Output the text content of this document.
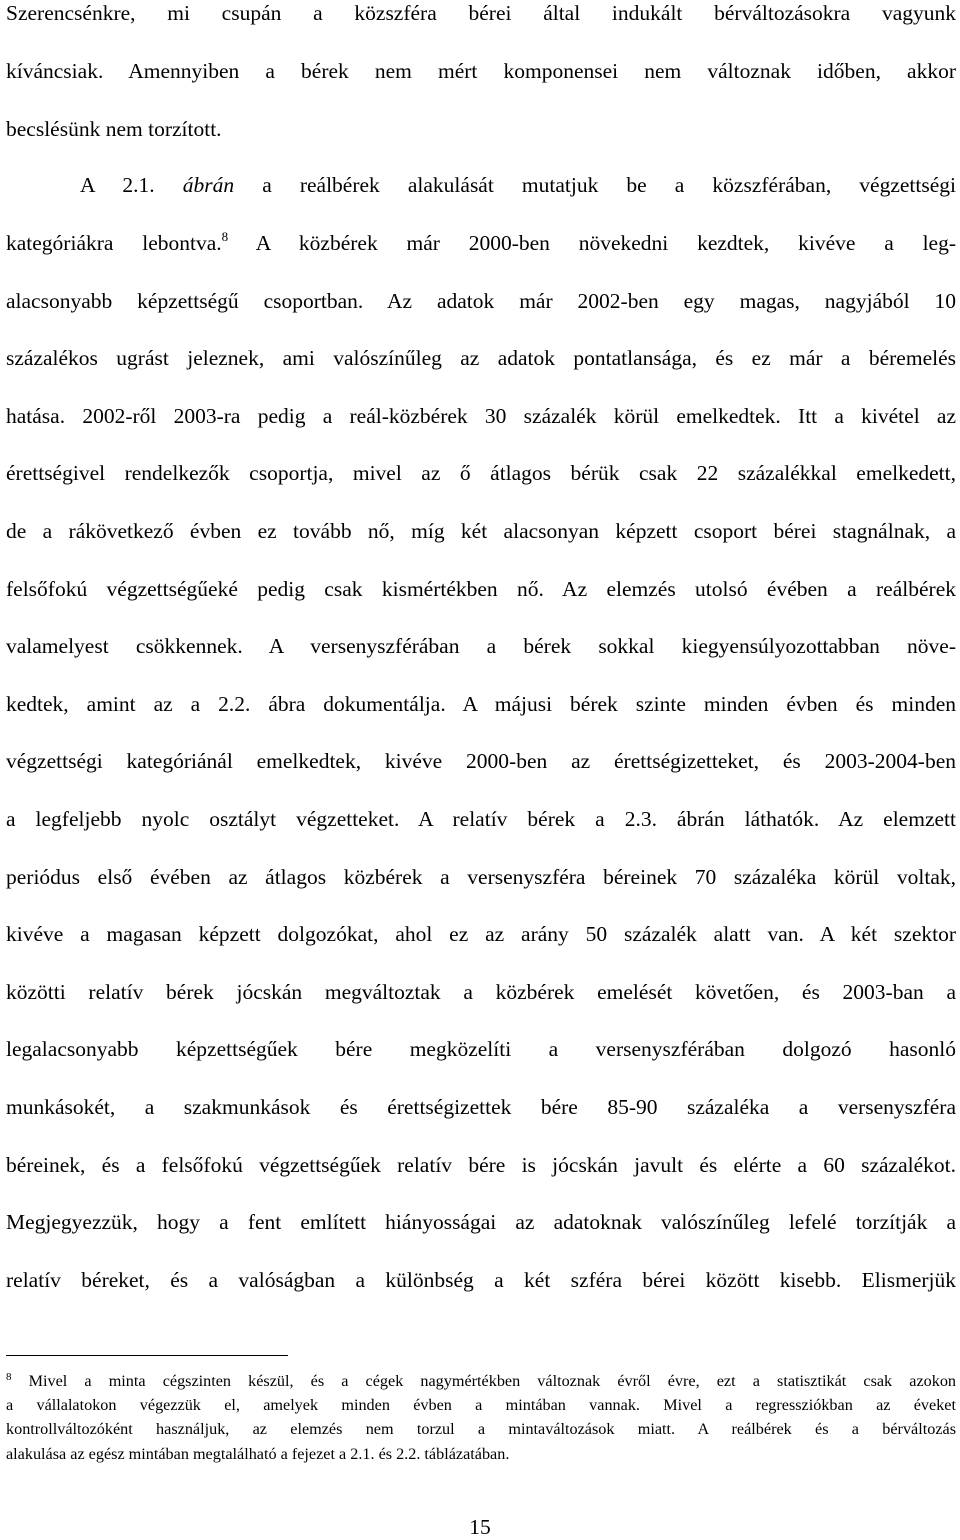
Szerencsénkre, mi csupán a közszféra bérei által indukált bérváltozásokra vagyunk
kíváncsiak. Amennyiben a bérek nem mért komponensei nem változnak időben, akkor
becslésünk nem torzított.
A 2.1. ábrán a reálbérek alakulását mutatjuk be a közszférában, végzettségi
kategóriákra lebontva.$^8$ A közbérek már 2000-ben növekedni kezdtek, kivéve a leg-
alacsonyabb képzettségű csoportban. Az adatok már 2002-ben egy magas, nagyjából 10
százalékos ugrást jeleznek, ami valószínűleg az adatok pontatlansága, és ez már a béremelés
hatása. 2002-ről 2003-ra pedig a reál-közbérek 30 százalék körül emelkedtek. Itt a kivétel az
érettségivel rendelkezők csoportja, mivel az ő átlagos bérük csak 22 százalékkal emelkedett,
de a rákövetkező évben ez tovább nő, míg két alacsonyan képzett csoport bérei stagnálnak, a
felsőfokú végzettségűeké pedig csak kismértékben nő. Az elemzés utolsó évében a reálbérek
valamelyest csökkennek. A versenyszférában a bérek sokkal kiegyensúlyozottabban növe-
kedtek, amint az a 2.2. ábra dokumentálja. A májusi bérek szinte minden évben és minden
végzettségi kategóriánál emelkedtek, kivéve 2000-ben az érettségizetteket, és 2003-2004-ben
a legfeljebb nyolc osztályt végzetteket. A relatív bérek a 2.3. ábrán láthatók. Az elemzett
periódus első évében az átlagos közbérek a versenyszféra béreinek 70 százaléka körül voltak,
kivéve a magasan képzett dolgozókat, ahol ez az arány 50 százalék alatt van. A két szektor
közötti relatív bérek jócskán megváltoztak a közbérek emelését követően, és 2003-ban a
legalacsonyabb képzettségűek bére megközelíti a versenyszférában dolgozó hasonló
munkásokét, a szakmunkások és érettségizettek bére 85-90 százaléka a versenyszféra
béreinek, és a felsőfokú végzettségűek relatív bére is jócskán javult és elérte a 60 százalékot.
Megjegyezzük, hogy a fent említett hiányosságai az adatoknak valószínűleg lefelé torzítják a
relatív béreket, és a valóságban a különbség a két szféra bérei között kisebb. Elismerjük
$^8$ Mivel a minta cégszinten készül, és a cégek nagymértékben változnak évről évre, ezt a statisztikát csak azokon
a vállalatokon végezzük el, amelyek minden évben a mintában vannak. Mivel a regressziókban az éveket
kontrollváltozóként használjuk, az elemzés nem torzul a mintaváltozások miatt. A reálbérek és a bérváltozás
alakulása az egész mintában megtalálható a fejezet a 2.1. és 2.2. táblázatában.
15
